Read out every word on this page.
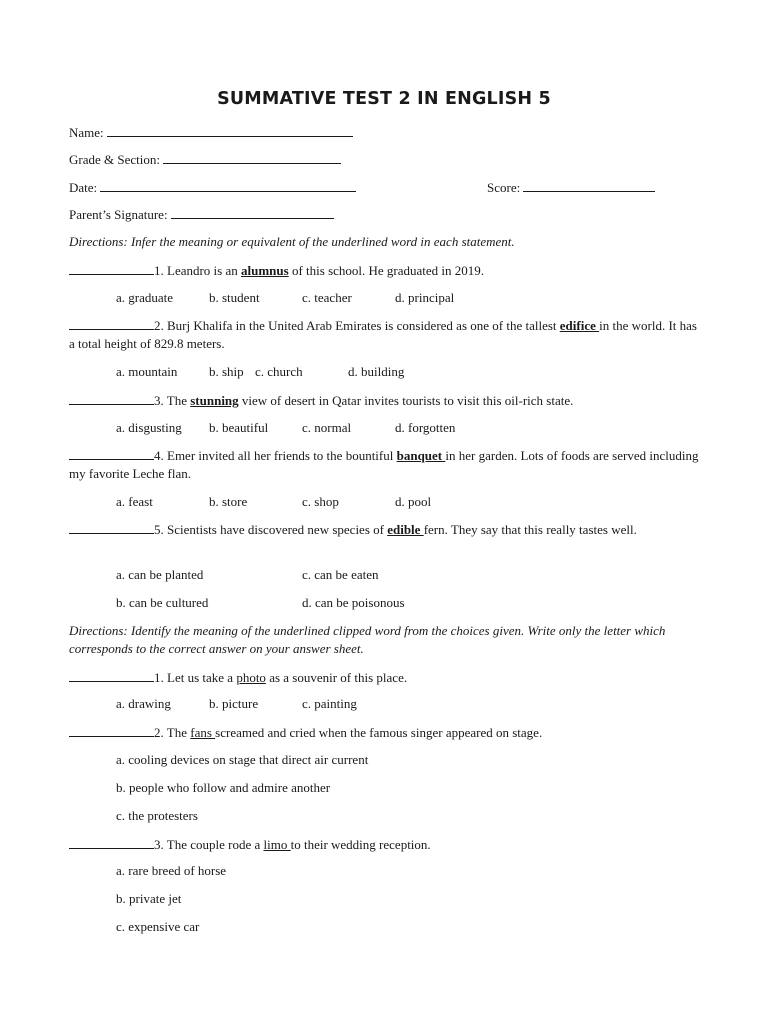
SUMMATIVE TEST 2 IN ENGLISH 5
Name:
Grade & Section:
Date:	Score:
Parent’s Signature:
Directions: Infer the meaning or equivalent of the underlined word in each statement.
1. Leandro is an alumnus of this school. He graduated in 2019.
a. graduate	b. student	c. teacher	d. principal
2. Burj Khalifa in the United Arab Emirates is considered as one of the tallest edifice in the world. It has a total height of 829.8 meters.
a. mountain b. ship c. church	d. building
3. The stunning view of desert in Qatar invites tourists to visit this oil-rich state.
a. disgusting b. beautiful	c. normal	d. forgotten
4. Emer invited all her friends to the bountiful banquet in her garden. Lots of foods are served including my favorite Leche flan.
a. feast	b. store	c. shop	d. pool
5. Scientists have discovered new species of edible fern. They say that this really tastes well.
a. can be planted	c. can be eaten
b. can be cultured	d. can be poisonous
Directions: Identify the meaning of the underlined clipped word from the choices given. Write only the letter which corresponds to the correct answer on your answer sheet.
1. Let us take a photo as a souvenir of this place.
a. drawing	b. picture	c. painting
2. The fans screamed and cried when the famous singer appeared on stage.
a. cooling devices on stage that direct air current
b. people who follow and admire another
c. the protesters
3. The couple rode a limo to their wedding reception.
a. rare breed of horse
b. private jet
c. expensive car
